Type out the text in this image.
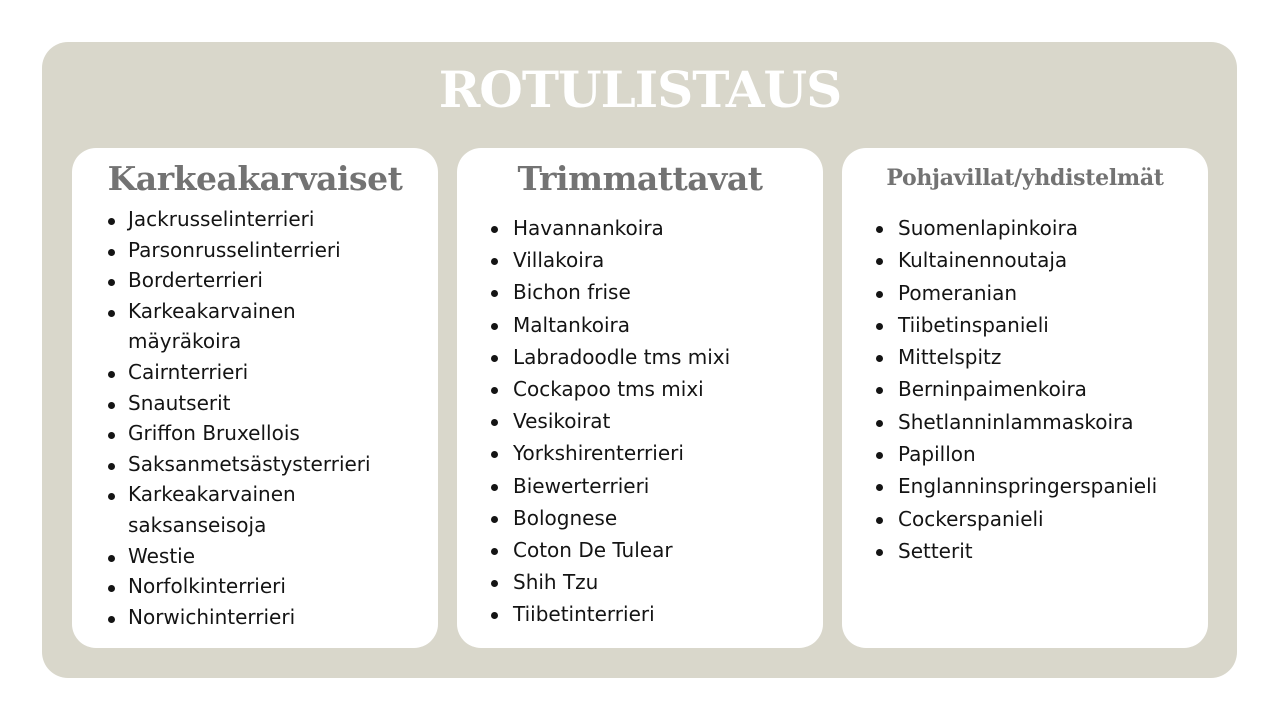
ROTULISTAUS
Karkeakarvaiset
Jackrusselinterrieri
Parsonrusselinterrieri
Borderterrieri
Karkeakarvainen mäyräkoira
Cairnterrieri
Snautserit
Griffon Bruxellois
Saksanmetsästysterrieri
Karkeakarvainen saksanseisoja
Westie
Norfolkinterrieri
Norwichinterrieri
Trimmattavat
Havannankoira
Villakoira
Bichon frise
Maltankoira
Labradoodle tms mixi
Cockapoo tms mixi
Vesikoirat
Yorkshirenterrieri
Biewerterrieri
Bolognese
Coton De Tulear
Shih Tzu
Tiibetinterrieri
Pohjavillat/yhdistelmät
Suomenlapinkoira
Kultainennoutaja
Pomeranian
Tiibetinspanieli
Mittelspitz
Berninpaimenkoira
Shetlanninlammaskoira
Papillon
Englanninspringerspanieli
Cockerspanieli
Setterit
